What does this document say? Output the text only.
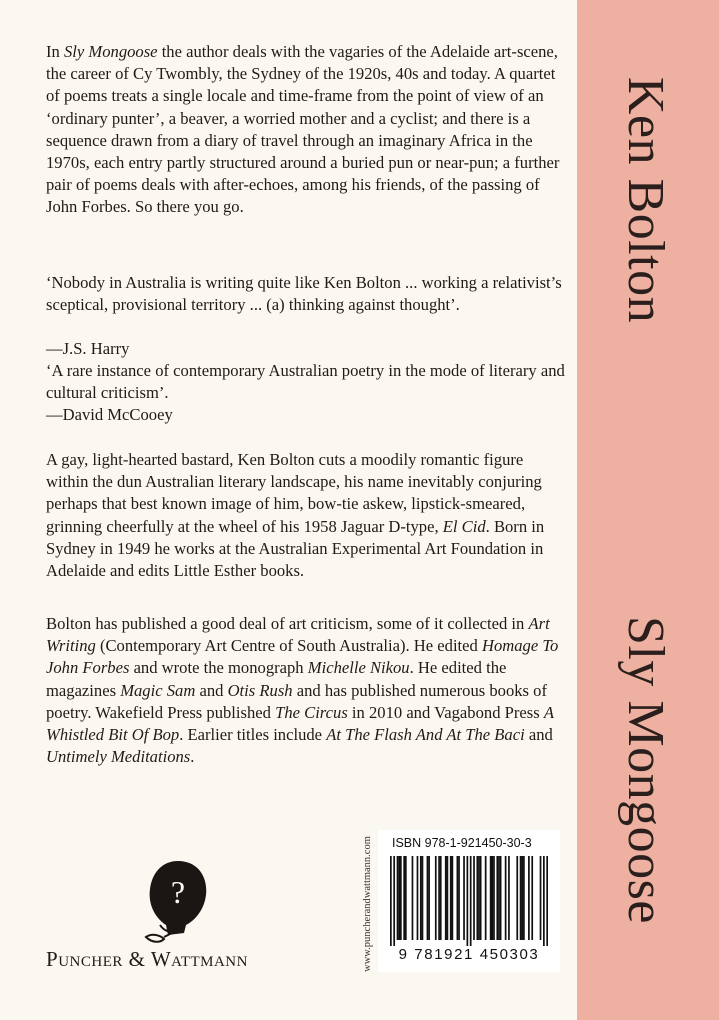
In Sly Mongoose the author deals with the vagaries of the Adelaide art-scene, the career of Cy Twombly, the Sydney of the 1920s, 40s and today. A quartet of poems treats a single locale and time-frame from the point of view of an ‘ordinary punter’, a beaver, a worried mother and a cyclist; and there is a sequence drawn from a diary of travel through an imaginary Africa in the 1970s, each entry partly structured around a buried pun or near-pun; a further pair of poems deals with after-echoes, among his friends, of the passing of John Forbes. So there you go.

‘Nobody in Australia is writing quite like Ken Bolton ... working a relativist’s sceptical, provisional territory ... (a) thinking against thought’.

—J.S. Harry

‘A rare instance of contemporary Australian poetry in the mode of literary and cultural criticism’.

—David McCooey

A gay, light-hearted bastard, Ken Bolton cuts a moodily romantic figure within the dun Australian literary landscape, his name inevitably conjuring perhaps that best known image of him, bow-tie askew, lipstick-smeared, grinning cheerfully at the wheel of his 1958 Jaguar D-type, El Cid. Born in Sydney in 1949 he works at the Australian Experimental Art Foundation in Adelaide and edits Little Esther books.

Bolton has published a good deal of art criticism, some of it collected in Art Writing (Contemporary Art Centre of South Australia). He edited Homage To John Forbes and wrote the monograph Michelle Nikou. He edited the magazines Magic Sam and Otis Rush and has published numerous books of poetry. Wakefield Press published The Circus in 2010 and Vagabond Press A Whistled Bit Of Bop. Earlier titles include At The Flash And At The Baci and Untimely Meditations.

?
PUNCHER & WATTMANN	www.puncherandwattmann.com ISBN 978-1-921450-30-3
9 781921 450303
Ken Bolton
Sly Mongoose
